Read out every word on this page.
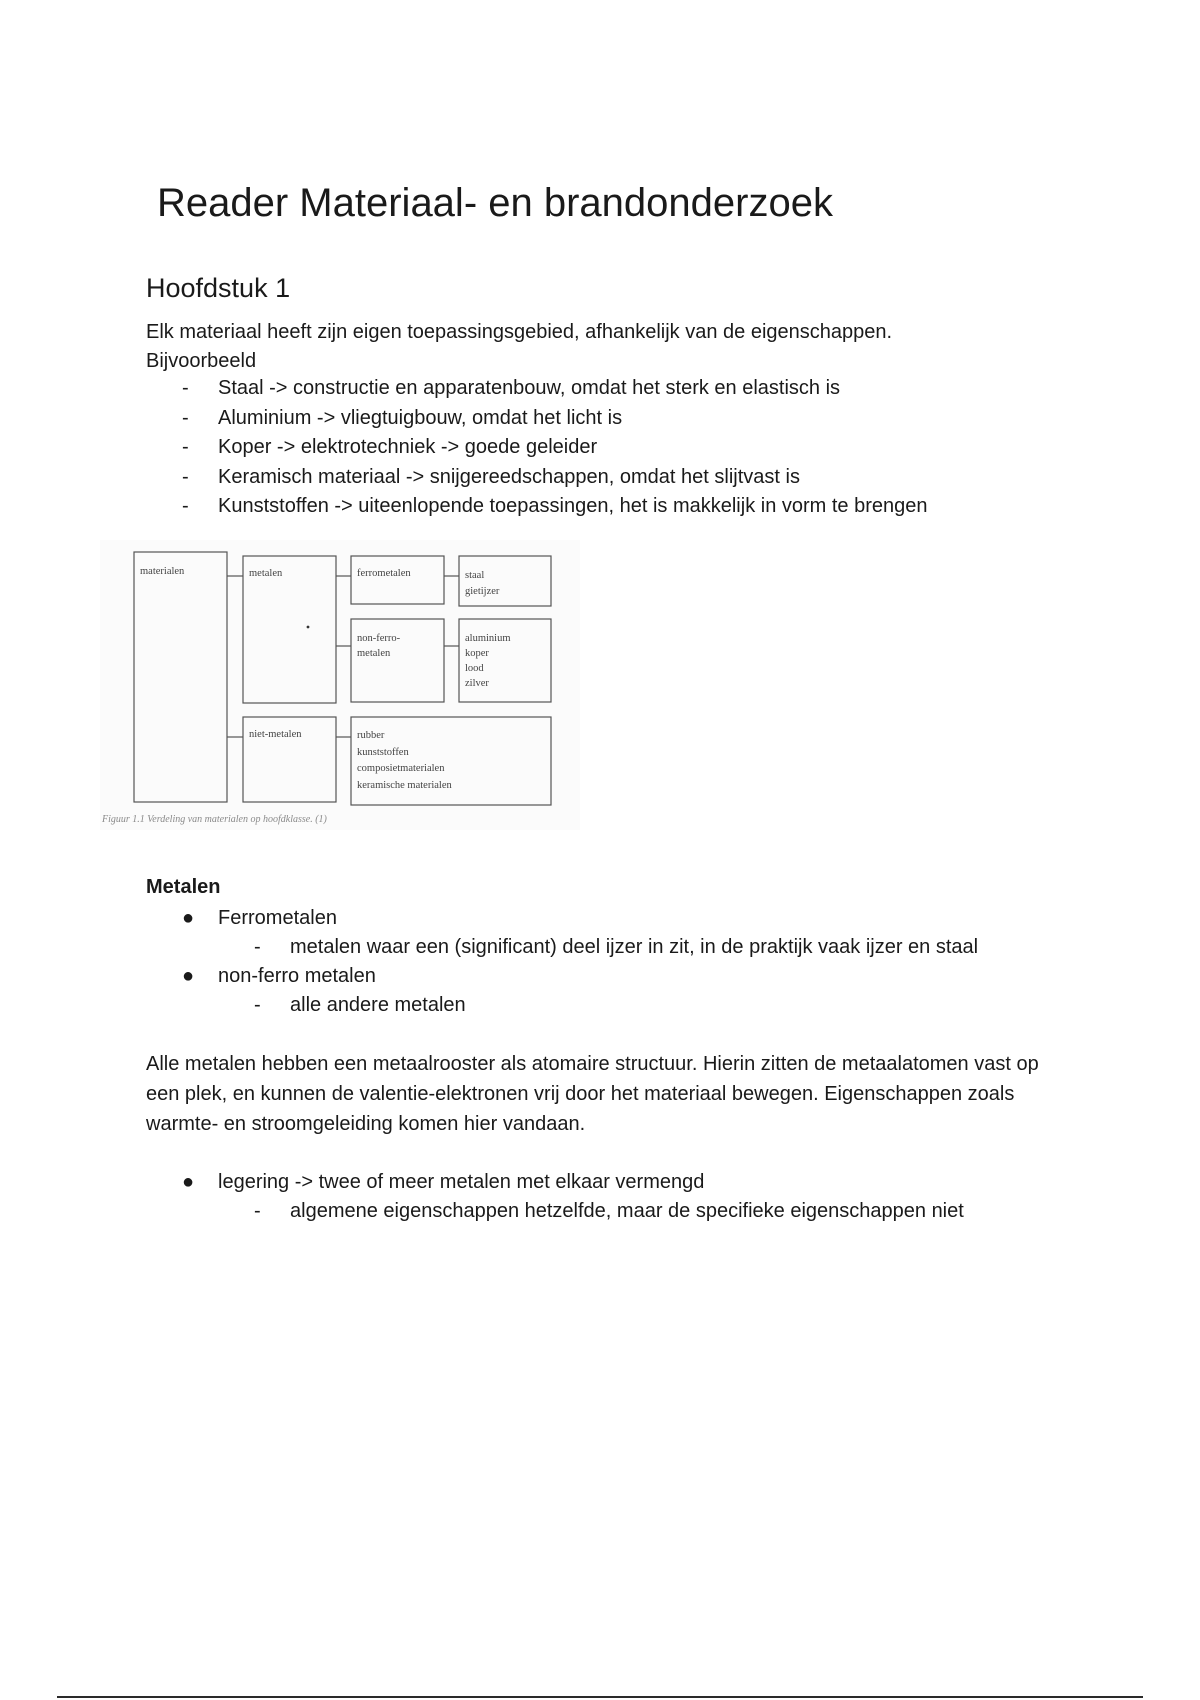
Reader Materiaal- en brandonderzoek
Hoofdstuk 1
Elk materiaal heeft zijn eigen toepassingsgebied, afhankelijk van de eigenschappen.
Bijvoorbeeld
- Staal -> constructie en apparatenbouw, omdat het sterk en elastisch is
- Aluminium -> vliegtuigbouw, omdat het licht is
- Koper -> elektrotechniek -> goede geleider
- Keramisch materiaal -> snijgereedschappen, omdat het slijtvast is
- Kunststoffen -> uiteenlopende toepassingen, het is makkelijk in vorm te brengen
materialen	metalen
niet-metalen
ferrometalen	staal
gietijzer
non-ferro-
metalen
aluminium
koper
lood
zilver
rubber
kunststoffen
composietmaterialen
keramische materialen
Figuur 1.1 Verdeling van materialen op hoofdklasse. (1)
Metalen
● Ferrometalen
- metalen waar een (significant) deel ijzer in zit, in de praktijk vaak ijzer en staal
● non-ferro metalen
- alle andere metalen

Alle metalen hebben een metaalrooster als atomaire structuur. Hierin zitten de metaalatomen vast op een plek, en kunnen de valentie-elektronen vrij door het materiaal bewegen. Eigenschappen zoals warmte- en stroomgeleiding komen hier vandaan.

● legering -> twee of meer metalen met elkaar vermengd
- algemene eigenschappen hetzelfde, maar de specifieke eigenschappen niet
